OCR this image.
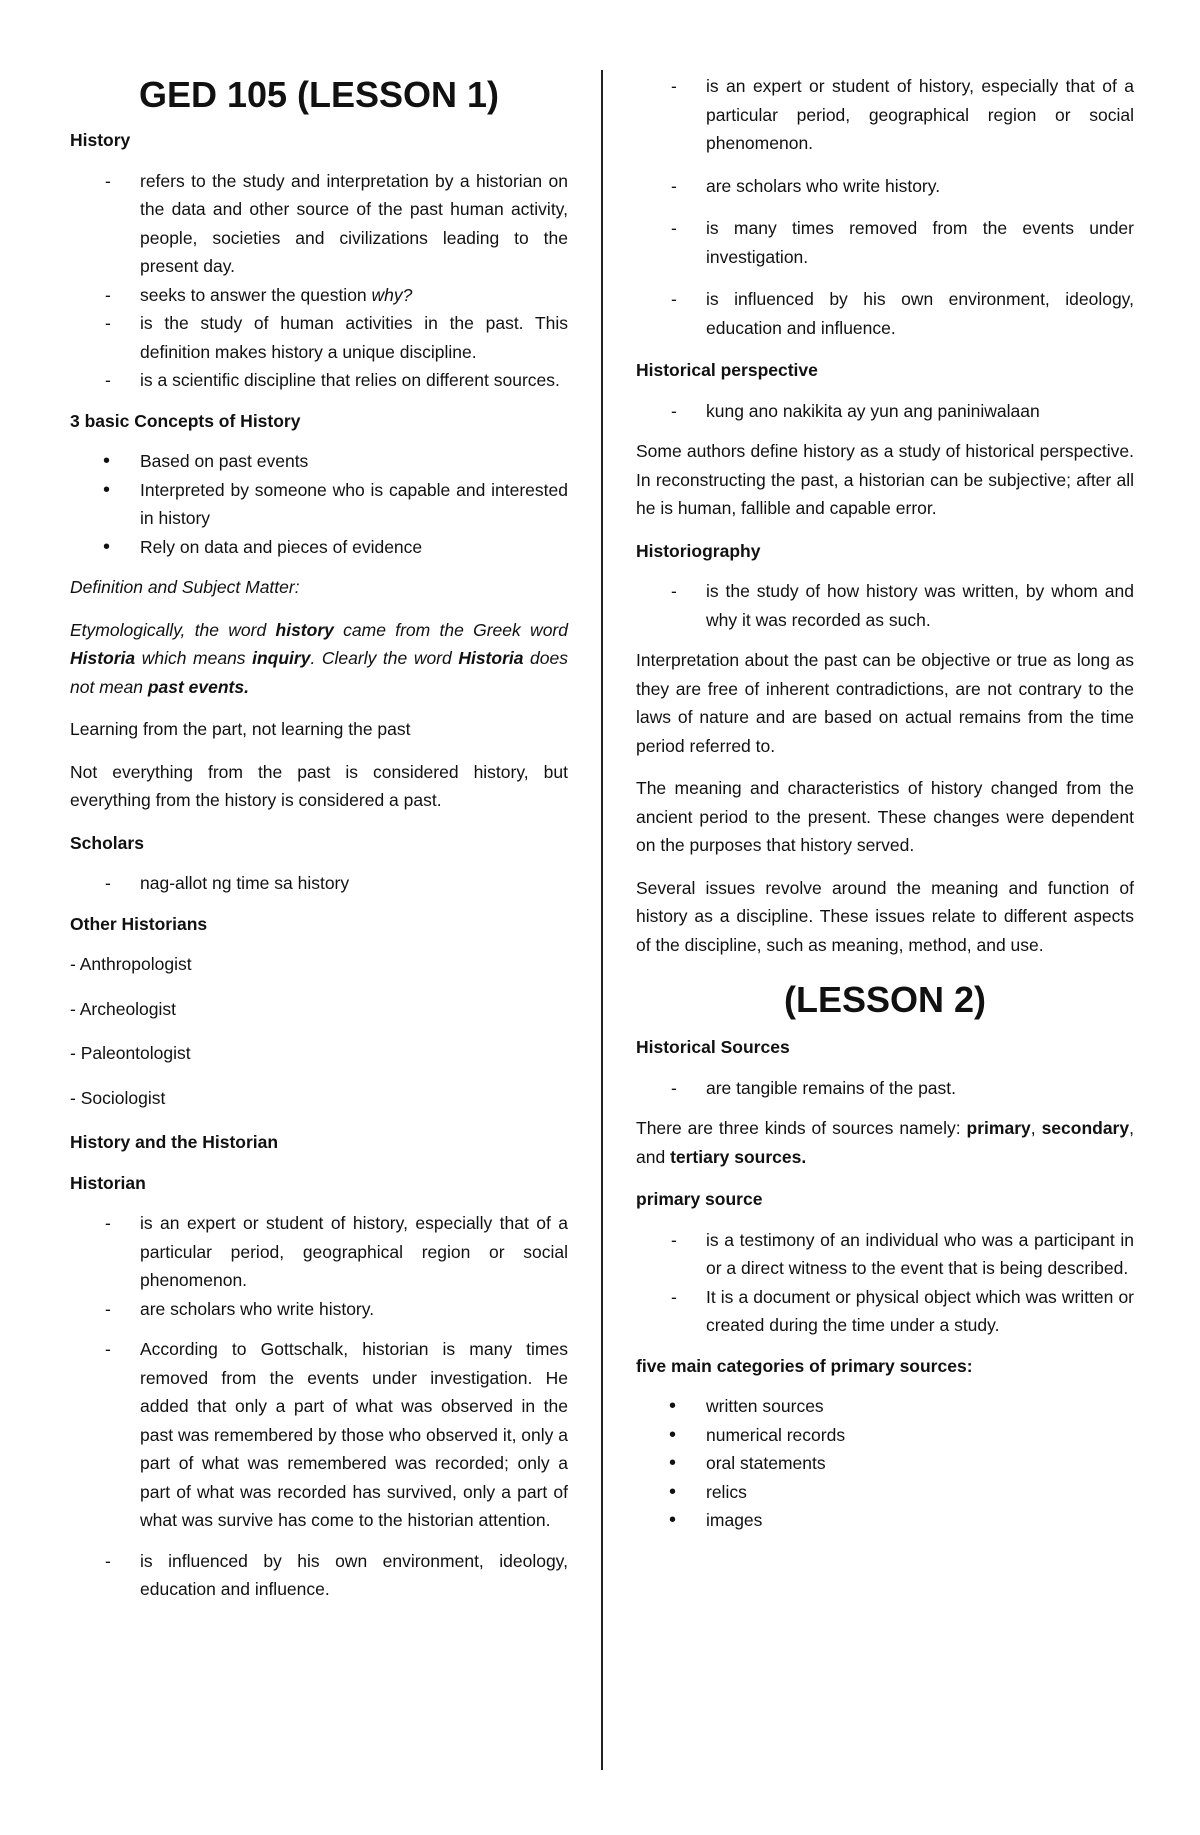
GED 105 (LESSON 1)
History
- refers to the study and interpretation by a historian on the data and other source of the past human activity, people, societies and civilizations leading to the present day.
- seeks to answer the question why?
- is the study of human activities in the past. This definition makes history a unique discipline.
- is a scientific discipline that relies on different sources.
3 basic Concepts of History
• Based on past events
• Interpreted by someone who is capable and interested in history
• Rely on data and pieces of evidence

Definition and Subject Matter:

Etymologically, the word history came from the Greek word Historia which means inquiry. Clearly the word Historia does not mean past events.

Learning from the part, not learning the past

Not everything from the past is considered history, but everything from the history is considered a past.

Scholars
- nag-allot ng time sa history
Other Historians
- Anthropologist
- Archeologist
- Paleontologist
- Sociologist
History and the Historian
Historian
- is an expert or student of history, especially that of a particular period, geographical region or social phenomenon.
- are scholars who write history.
- According to Gottschalk, historian is many times removed from the events under investigation. He added that only a part of what was observed in the past was remembered by those who observed it, only a part of what was remembered was recorded; only a part of what was recorded has survived, only a part of what was survive has come to the historian attention.
- is influenced by his own environment, ideology, education and influence.
- is an expert or student of history, especially that of a particular period, geographical region or social phenomenon.
- are scholars who write history.
- is many times removed from the events under investigation.
- is influenced by his own environment, ideology, education and influence.
Historical perspective
- kung ano nakikita ay yun ang paniniwalaan

Some authors define history as a study of historical perspective. In reconstructing the past, a historian can be subjective; after all he is human, fallible and capable error.

Historiography
- is the study of how history was written, by whom and why it was recorded as such.

Interpretation about the past can be objective or true as long as they are free of inherent contradictions, are not contrary to the laws of nature and are based on actual remains from the time period referred to.

The meaning and characteristics of history changed from the ancient period to the present. These changes were dependent on the purposes that history served.

Several issues revolve around the meaning and function of history as a discipline. These issues relate to different aspects of the discipline, such as meaning, method, and use.

(LESSON 2)
Historical Sources
- are tangible remains of the past.

There are three kinds of sources namely: primary, secondary, and tertiary sources.

primary source
- is a testimony of an individual who was a participant in or a direct witness to the event that is being described.
- It is a document or physical object which was written or created during the time under a study.
five main categories of primary sources:
• written sources
• numerical records
• oral statements
• relics
• images
